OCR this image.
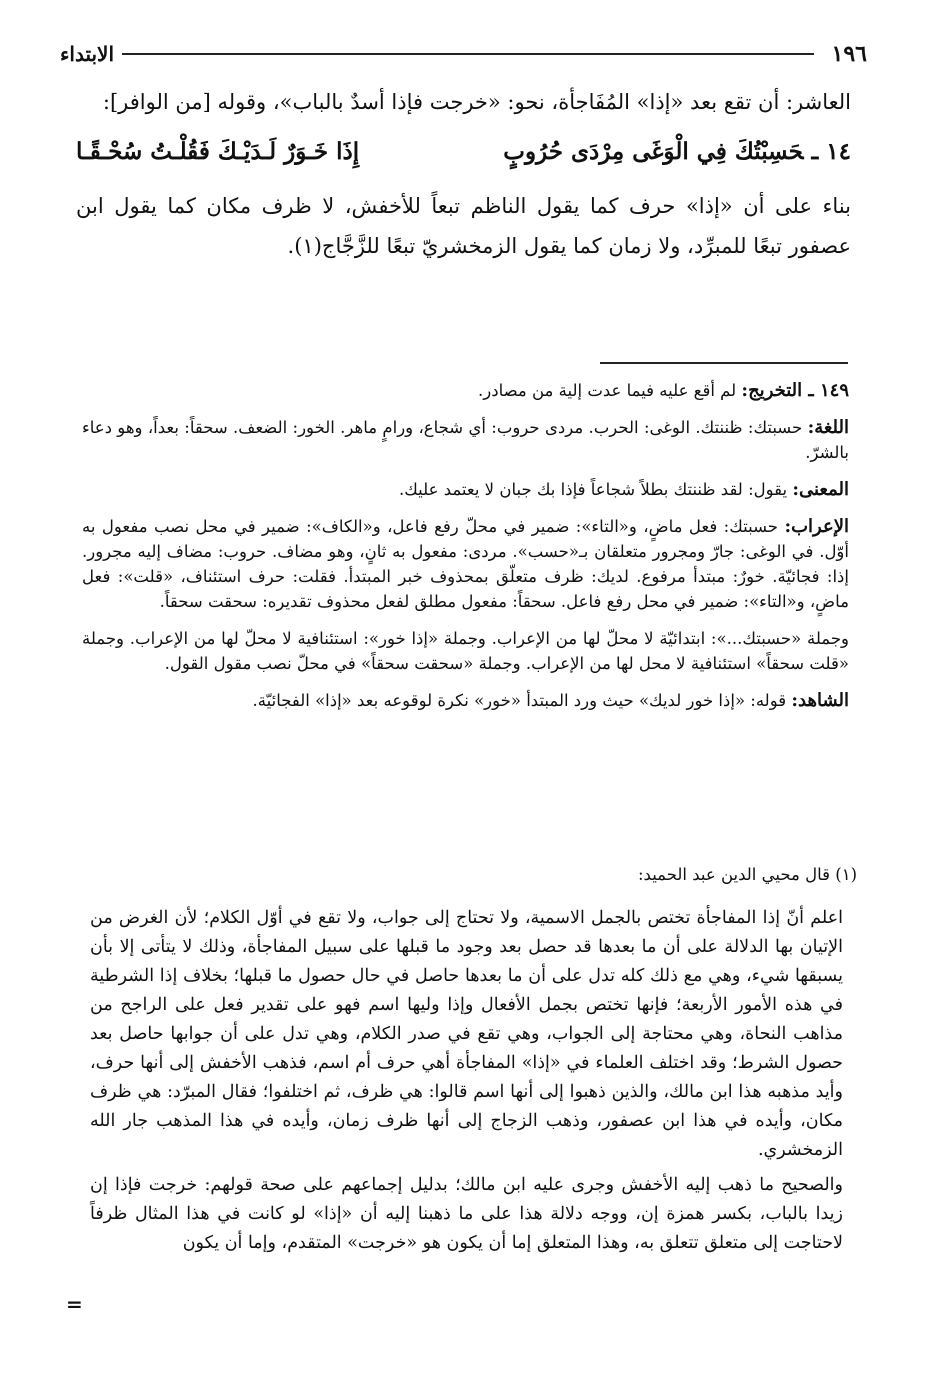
١٩٦
الابتداء

العاشر: أن تقع بعد «إذا» المُفَاجأة، نحو: «خرجت فإذا أسدٌ بالباب»، وقوله [من الوافر]:

١٤ ـحَسِبْتُكَ فِي الْوَغَى مِرْدَى حُرُوبٍ
إِذَا خَـوَرٌ لَـدَيْـكَ فَقُلْـتُ سُحْـقًـا

بناء على أن «إذا» حرف كما يقول الناظم تبعاً للأخفش، لا ظرف مكان كما يقول ابن عصفور تبعًا للمبرِّد، ولا زمان كما يقول الزمخشريّ تبعًا للزَّجَّاج(١).

١٤٩ ـ التخريج: لم أقع عليه فيما عدت إلية من مصادر.

اللغة: حسبتك: ظننتك. الوغى: الحرب. مردى حروب: أي شجاع، ورامٍ ماهر. الخور: الضعف. سحقاً: بعداً، وهو دعاء بالشرّ.

المعنى: يقول: لقد ظننتك بطلاً شجاعاً فإذا بك جبان لا يعتمد عليك.

الإعراب: حسبتك: فعل ماضٍ، و«التاء»: ضمير في محلّ رفع فاعل، و«الكاف»: ضمير في محل نصب مفعول به أوّل. في الوغى: جارّ ومجرور متعلقان بـ«حسب». مردى: مفعول به ثانٍ، وهو مضاف. حروب: مضاف إليه مجرور. إذا: فجائيّة. خورٌ: مبتدأ مرفوع. لديك: ظرف متعلّق بمحذوف خبر المبتدأ. فقلت: حرف استئناف، «قلت»: فعل ماضٍ، و«التاء»: ضمير في محل رفع فاعل. سحقاً: مفعول مطلق لفعل محذوف تقديره: سحقت سحقاً.

وجملة «حسبتك...»: ابتدائيّة لا محلّ لها من الإعراب. وجملة «إذا خور»: استئنافية لا محلّ لها من الإعراب. وجملة «قلت سحقاً» استئنافية لا محل لها من الإعراب. وجملة «سحقت سحقاً» في محلّ نصب مقول القول.

الشاهد: قوله: «إذا خور لديك» حيث ورد المبتدأ «خور» نكرة لوقوعه بعد «إذا» الفجائيّة.

(١) قال محيي الدين عبد الحميد:

اعلم أنّ إذا المفاجأة تختص بالجمل الاسمية، ولا تحتاج إلى جواب، ولا تقع في أوّل الكلام؛ لأن الغرض من الإتيان بها الدلالة على أن ما بعدها قد حصل بعد وجود ما قبلها على سبيل المفاجأة، وذلك لا يتأتى إلا بأن يسبقها شيء، وهي مع ذلك كله تدل على أن ما بعدها حاصل في حال حصول ما قبلها؛ بخلاف إذا الشرطية في هذه الأمور الأربعة؛ فإنها تختص بجمل الأفعال وإذا وليها اسم فهو على تقدير فعل على الراجح من مذاهب النحاة، وهي محتاجة إلى الجواب، وهي تقع في صدر الكلام، وهي تدل على أن جوابها حاصل بعد حصول الشرط؛ وقد اختلف العلماء في «إذا» المفاجأة أهي حرف أم اسم، فذهب الأخفش إلى أنها حرف، وأيد مذهبه هذا ابن مالك، والذين ذهبوا إلى أنها اسم قالوا: هي ظرف، ثم اختلفوا؛ فقال المبرّد: هي ظرف مكان، وأيده في هذا ابن عصفور، وذهب الزجاج إلى أنها ظرف زمان، وأيده في هذا المذهب جار الله الزمخشري.

والصحيح ما ذهب إليه الأخفش وجرى عليه ابن مالك؛ بدليل إجماعهم على صحة قولهم: خرجت فإذا إن زيدا بالباب، بكسر همزة إن، ووجه دلالة هذا على ما ذهبنا إليه أن «إذا» لو كانت في هذا المثال ظرفاً لاحتاجت إلى متعلق تتعلق به، وهذا المتعلق إما أن يكون هو «خرجت» المتقدم، وإما أن يكون

=
